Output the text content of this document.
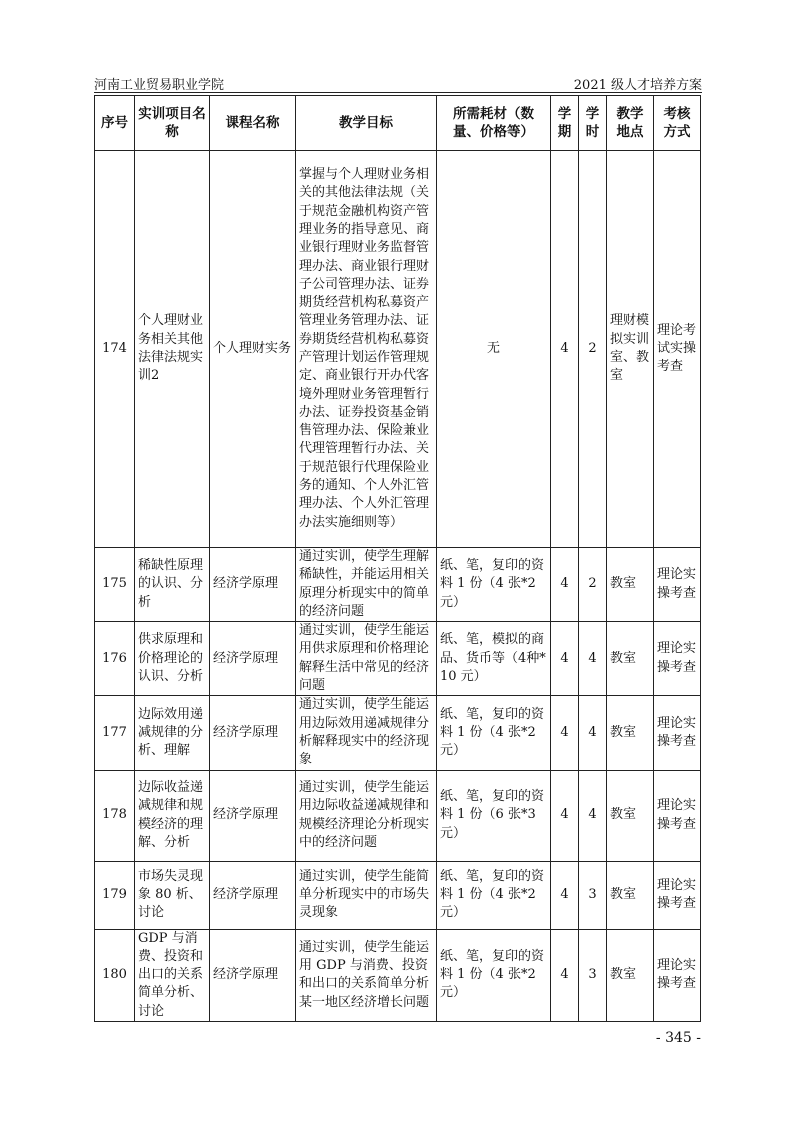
河南工业贸易职业学院	2021 级人才培养方案
序号	实训项目名称	课程名称	教学目标	所需耗材（数量、价格等）	学期	学时	教学地点	考核方式
174	个人理财业务相关其他法律法规实训2	个人理财实务	掌握与个人理财业务相关的其他法律法规（关于规范金融机构资产管理业务的指导意见、商业银行理财业务监督管理办法、商业银行理财子公司管理办法、证券期货经营机构私募资产管理业务管理办法、证券期货经营机构私募资产管理计划运作管理规定、商业银行开办代客境外理财业务管理暂行办法、证券投资基金销售管理办法、保险兼业代理管理暂行办法、关于规范银行代理保险业务的通知、个人外汇管理办法、个人外汇管理办法实施细则等）	无	4	2	理财模拟实训室、教室	理论考试实操考查
175	稀缺性原理的认识、分析	经济学原理	通过实训，使学生理解稀缺性，并能运用相关原理分析现实中的简单的经济问题	纸、笔，复印的资料 1 份（4 张*2 元）	4	2	教室	理论实操考查
176	供求原理和价格理论的认识、分析	经济学原理	通过实训，使学生能运用供求原理和价格理论解释生活中常见的经济问题	纸、笔，模拟的商品、货币等（4种*10 元）	4	4	教室	理论实操考查
177	边际效用递减规律的分析、理解	经济学原理	通过实训，使学生能运用边际效用递减规律分析解释现实中的经济现象	纸、笔，复印的资料 1 份（4 张*2 元）	4	4	教室	理论实操考查
178	边际收益递减规律和规模经济的理解、分析	经济学原理	通过实训，使学生能运用边际收益递减规律和规模经济理论分析现实中的经济问题	纸、笔，复印的资料 1 份（6 张*3 元）	4	4	教室	理论实操考查
179	市场失灵现象 80 析、讨论	经济学原理	通过实训，使学生能简单分析现实中的市场失灵现象	纸、笔，复印的资料 1 份（4 张*2 元）	4	3	教室	理论实操考查
180	GDP 与消费、投资和出口的关系简单分析、讨论	经济学原理	通过实训，使学生能运用 GDP 与消费、投资和出口的关系简单分析某一地区经济增长问题	纸、笔，复印的资料 1 份（4 张*2 元）	4	3	教室	理论实操考查
- 345 -
